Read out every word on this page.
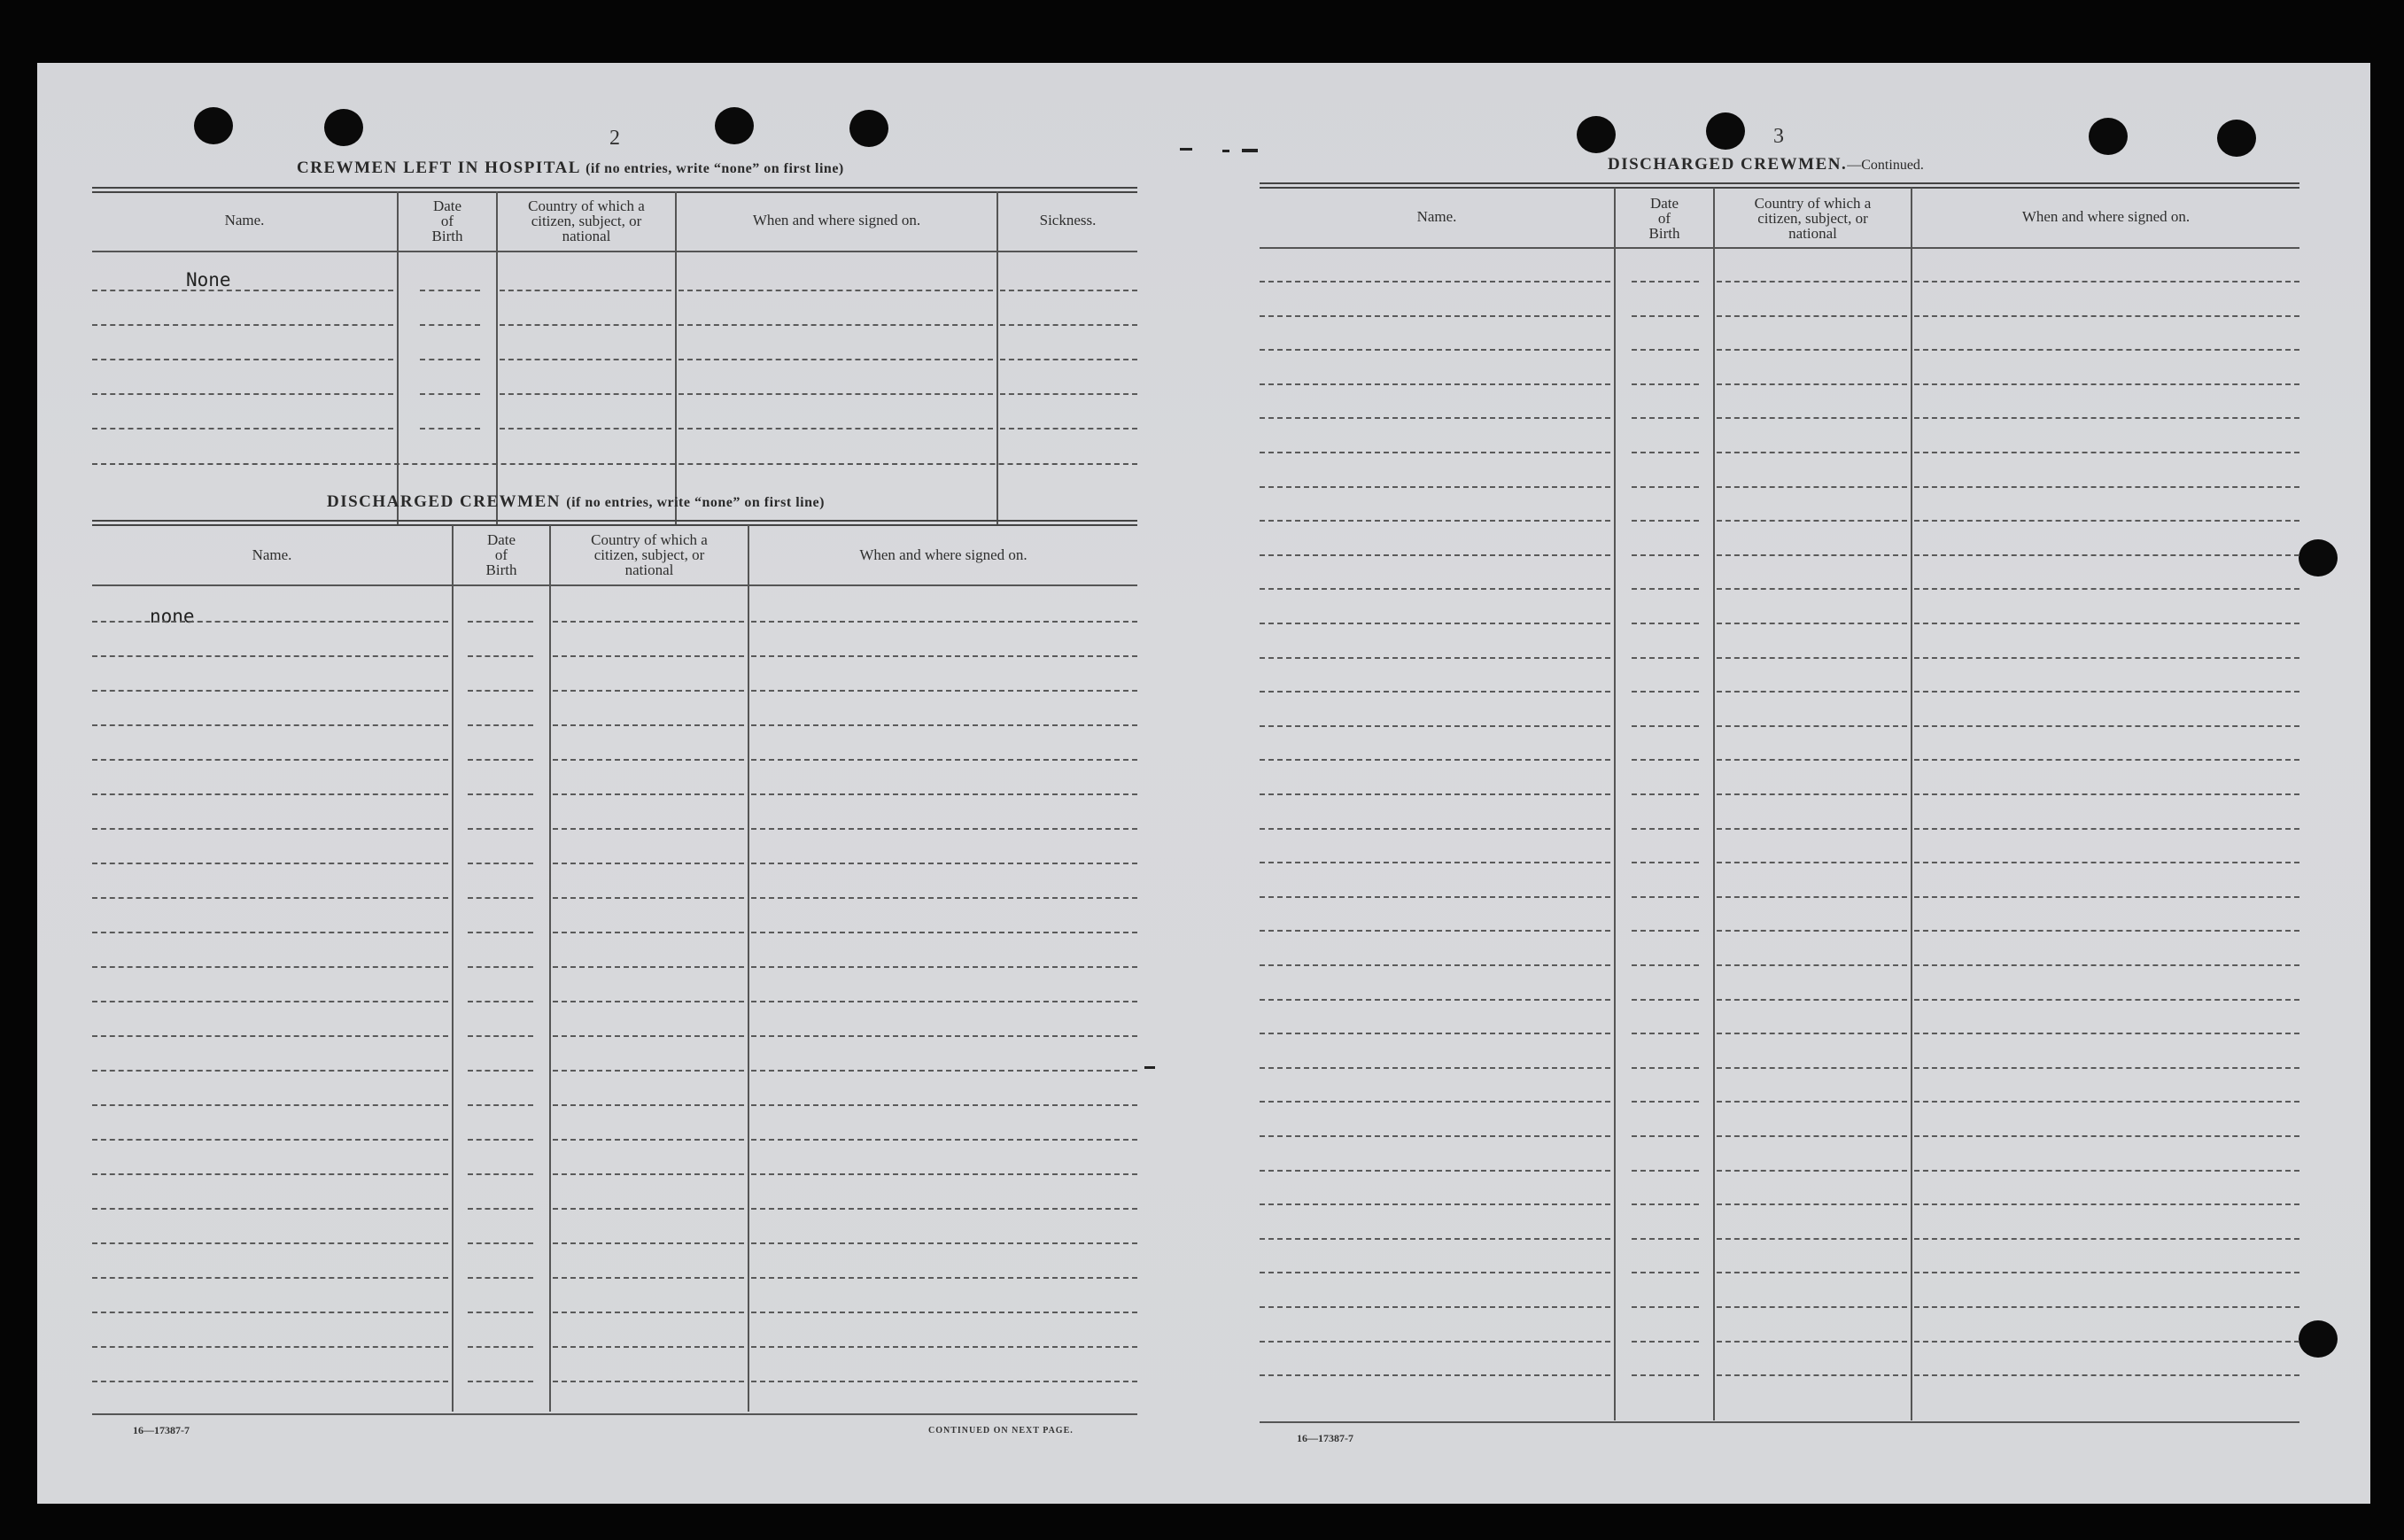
2
CREWMEN LEFT IN HOSPITAL (if no entries, write “none” on first line)
Name.
Date
of
Birth
Country of which a
citizen, subject, or
national
When and where signed on.	Sickness.
None
DISCHARGED CREWMEN (if no entries, write “none” on first line)
Name.
Date
of
Birth
Country of which a
citizen, subject, or
national
When and where signed on.
none
16—17387-7	CONTINUED ON NEXT PAGE.
3
DISCHARGED CREWMEN.—Continued.
Name.
Date
of
Birth
Country of which a
citizen, subject, or
national
When and where signed on.
16—17387-7
